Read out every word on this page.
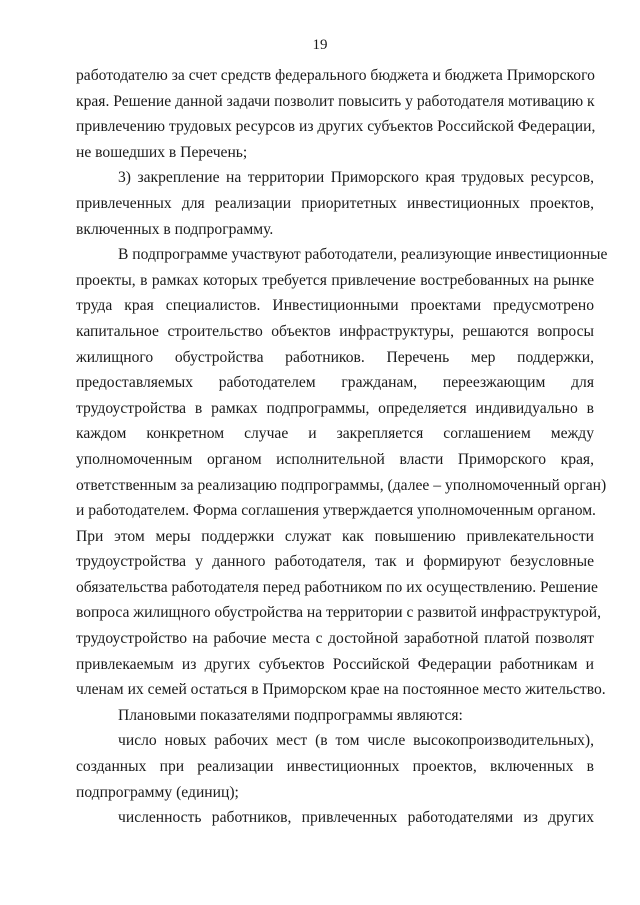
19

работодателю за счет средств федерального бюджета и бюджета Приморского

края. Решение данной задачи позволит повысить у работодателя мотивацию к

привлечению трудовых ресурсов из других субъектов Российской Федерации,

не вошедших в Перечень;

3) закрепление на территории Приморского края трудовых ресурсов,

привлеченных для реализации приоритетных инвестиционных проектов,

включенных в подпрограмму.

В подпрограмме участвуют работодатели, реализующие инвестиционные

проекты, в рамках которых требуется привлечение востребованных на рынке

труда края специалистов. Инвестиционными проектами предусмотрено

капитальное строительство объектов инфраструктуры, решаются вопросы

жилищного обустройства работников. Перечень мер поддержки,

предоставляемых работодателем гражданам, переезжающим для

трудоустройства в рамках подпрограммы, определяется индивидуально в

каждом конкретном случае и закрепляется соглашением между

уполномоченным органом исполнительной власти Приморского края,

ответственным за реализацию подпрограммы, (далее – уполномоченный орган)

и работодателем. Форма соглашения утверждается уполномоченным органом.

При этом меры поддержки служат как повышению привлекательности

трудоустройства у данного работодателя, так и формируют безусловные

обязательства работодателя перед работником по их осуществлению. Решение

вопроса жилищного обустройства на территории с развитой инфраструктурой,

трудоустройство на рабочие места с достойной заработной платой позволят

привлекаемым из других субъектов Российской Федерации работникам и

членам их семей остаться в Приморском крае на постоянное место жительство.

Плановыми показателями подпрограммы являются:

число новых рабочих мест (в том числе высокопроизводительных),

созданных при реализации инвестиционных проектов, включенных в

подпрограмму (единиц);

численность работников, привлеченных работодателями из других
